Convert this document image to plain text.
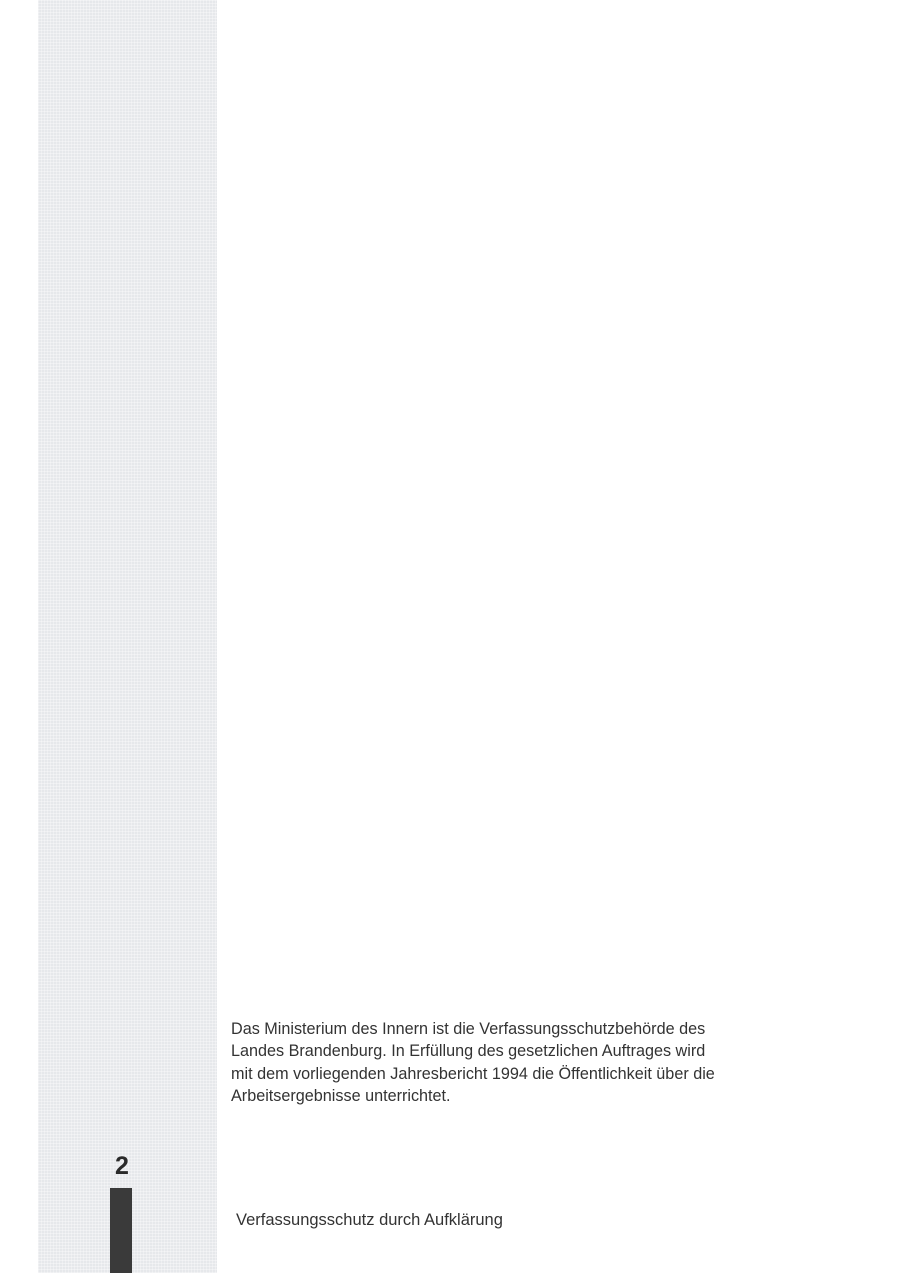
2

Das Ministerium des Innern ist die Verfassungsschutzbehörde des
Landes Brandenburg. In Erfüllung des gesetzlichen Auftrages wird
mit dem vorliegenden Jahresbericht 1994 die Öffentlichkeit über die
Arbeitsergebnisse unterrichtet.

Verfassungsschutz durch Aufklärung
